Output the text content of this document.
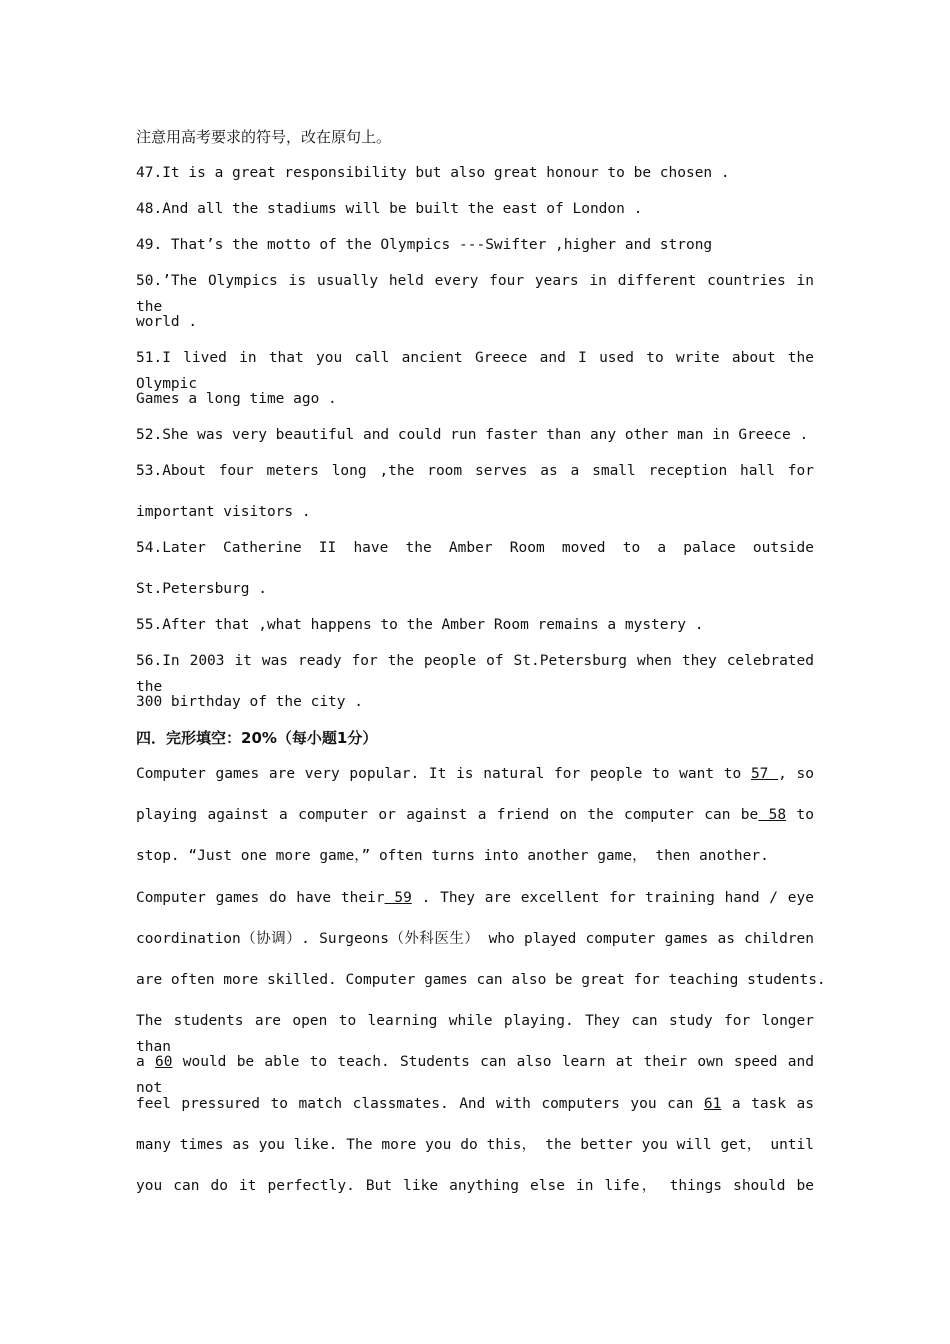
注意用高考要求的符号，改在原句上。
47.It is a great responsibility but also great honour to be chosen .
48.And all the stadiums will be built the east of London .
49. That’s the motto of the Olympics ---Swifter ,higher and strong
50.’The Olympics is usually held every four years in different countries in the
world .
51.I lived in that you call ancient Greece and I used to write about the Olympic
Games a long time ago .
52.She was very beautiful and could run faster than any other man in Greece .
53.About four meters long ,the room serves as a small reception hall for
important visitors .
54.Later Catherine II have the Amber Room moved to a palace outside
St.Petersburg .
55.After that ,what happens to the Amber Room remains a mystery .
56.In 2003 it was ready for the people of St.Petersburg when they celebrated the
300 birthday of the city .
四．完形填空：20%（每小题1分）
Computer games are very popular. It is natural for people to want to 57 , so
playing against a computer or against a friend on the computer can be 58 to
stop. “Just one more game，” often turns into another game， then another.
Computer games do have their 59 . They are excellent for training hand / eye
coordination（协调）. Surgeons（外科医生） who played computer games as children
are often more skilled. Computer games can also be great for teaching students.
The students are open to learning while playing. They can study for longer than
a 60 would be able to teach. Students can also learn at their own speed and not
feel pressured to match classmates. And with computers you can 61 a task as
many times as you like. The more you do this， the better you will get， until
you can do it perfectly. But like anything else in life， things should be
